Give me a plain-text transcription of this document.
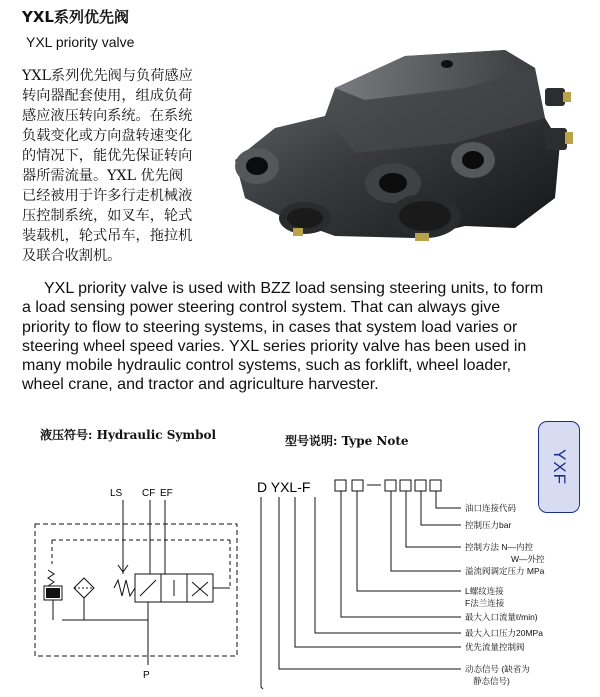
YXL系列优先阀
YXL priority valve
YXL系列优先阀与负荷感应
转向器配套使用，组成负荷
感应液压转向系统。在系统
负载变化或方向盘转速变化
的情况下，能优先保证转向
器所需流量。YXL 优先阀
已经被用于许多行走机械液
压控制系统，如叉车，轮式
装载机，轮式吊车，拖拉机
及联合收割机。

YXL priority valve is used with BZZ load sensing steering units, to form

a load sensing power steering control system. That can always give
priority to flow to steering systems, in cases that system load varies or
steering wheel speed varies. YXL series priority valve has been used in
many mobile hydraulic control systems, such as forklift, wheel loader,
wheel crane, and tractor and agriculture harvester.
液压符号: Hydraulic Symbol	型号说明: Type Note
YXF
LS CF EF
P
D YXL-F
油口连接代码
控制压力bar
控制方法 N—内控
W—外控
溢流阀调定压力 MPa
L螺纹连接
F法兰连接
最大入口流量ℓ/min)
最大入口压力20MPa
优先流量控制阀
动态信号 (缺省为
静态信号)
